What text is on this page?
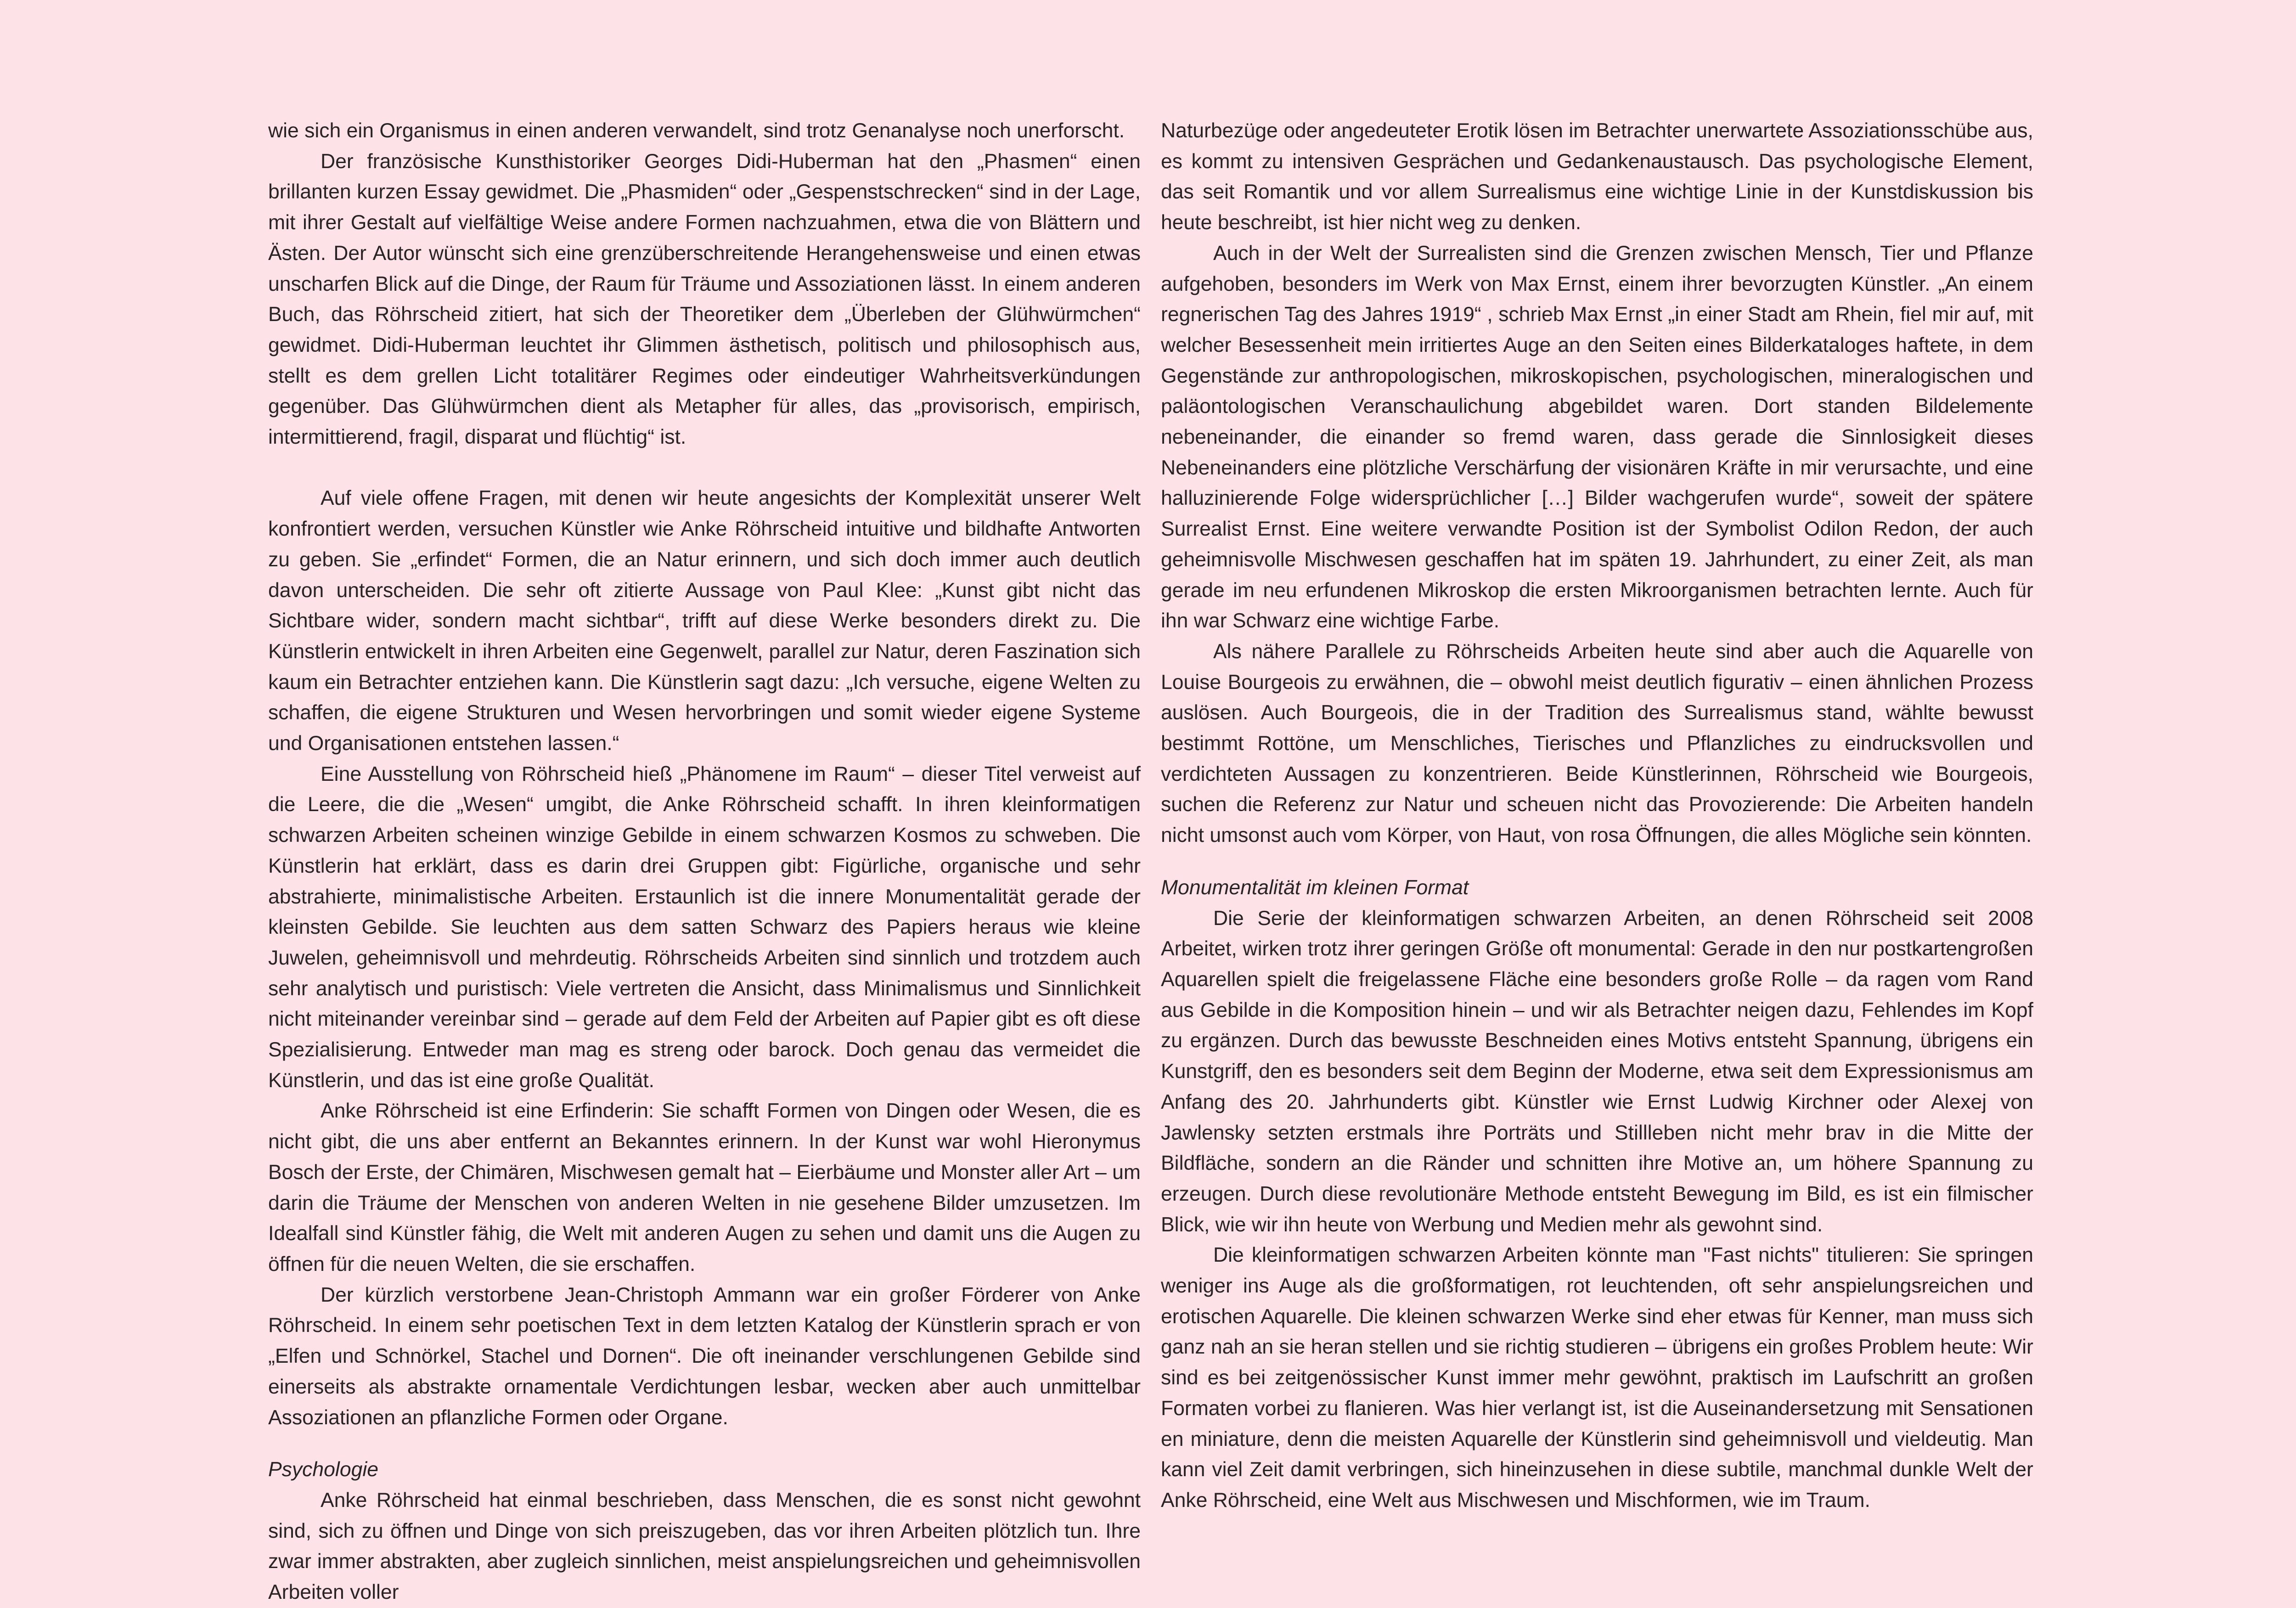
wie sich ein Organismus in einen anderen verwandelt, sind trotz Genanalyse noch unerforscht.

Der französische Kunsthistoriker Georges Didi-Huberman hat den „Phasmen“ einen brillanten kurzen Essay gewidmet. Die „Phasmiden“ oder „Gespenstschrecken“ sind in der Lage, mit ihrer Gestalt auf vielfältige Weise andere Formen nachzuahmen, etwa die von Blättern und Ästen. Der Autor wünscht sich eine grenzüberschreitende Herangehensweise und einen etwas unscharfen Blick auf die Dinge, der Raum für Träume und Assoziationen lässt. In einem anderen Buch, das Röhrscheid zitiert, hat sich der Theoretiker dem „Überleben der Glühwürmchen“ gewidmet. Didi-Huberman leuchtet ihr Glimmen ästhetisch, politisch und philosophisch aus, stellt es dem grellen Licht totalitärer Regimes oder eindeutiger Wahrheitsverkündungen gegenüber. Das Glühwürmchen dient als Metapher für alles, das „provisorisch, empirisch, intermittierend, fragil, disparat und flüchtig“ ist.

Auf viele offene Fragen, mit denen wir heute angesichts der Komplexität unserer Welt konfrontiert werden, versuchen Künstler wie Anke Röhrscheid intuitive und bildhafte Antworten zu geben. Sie „erfindet“ Formen, die an Natur erinnern, und sich doch immer auch deutlich davon unterscheiden. Die sehr oft zitierte Aussage von Paul Klee: „Kunst gibt nicht das Sichtbare wider, sondern macht sichtbar“, trifft auf diese Werke besonders direkt zu. Die Künstlerin entwickelt in ihren Arbeiten eine Gegenwelt, parallel zur Natur, deren Faszination sich kaum ein Betrachter entziehen kann. Die Künstlerin sagt dazu: „Ich versuche, eigene Welten zu schaffen, die eigene Strukturen und Wesen hervorbringen und somit wieder eigene Systeme und Organisationen entstehen lassen.“

Eine Ausstellung von Röhrscheid hieß „Phänomene im Raum“ – dieser Titel verweist auf die Leere, die die „Wesen“ umgibt, die Anke Röhrscheid schafft. In ihren kleinformatigen schwarzen Arbeiten scheinen winzige Gebilde in einem schwarzen Kosmos zu schweben. Die Künstlerin hat erklärt, dass es darin drei Gruppen gibt: Figürliche, organische und sehr abstrahierte, minimalistische Arbeiten. Erstaunlich ist die innere Monumentalität gerade der kleinsten Gebilde. Sie leuchten aus dem satten Schwarz des Papiers heraus wie kleine Juwelen, geheimnisvoll und mehrdeutig. Röhrscheids Arbeiten sind sinnlich und trotzdem auch sehr analytisch und puristisch: Viele vertreten die Ansicht, dass Minimalismus und Sinnlichkeit nicht miteinander vereinbar sind – gerade auf dem Feld der Arbeiten auf Papier gibt es oft diese Spezialisierung. Entweder man mag es streng oder barock. Doch genau das vermeidet die Künstlerin, und das ist eine große Qualität.

Anke Röhrscheid ist eine Erfinderin: Sie schafft Formen von Dingen oder Wesen, die es nicht gibt, die uns aber entfernt an Bekanntes erinnern. In der Kunst war wohl Hieronymus Bosch der Erste, der Chimären, Mischwesen gemalt hat – Eierbäume und Monster aller Art – um darin die Träume der Menschen von anderen Welten in nie gesehene Bilder umzusetzen. Im Idealfall sind Künstler fähig, die Welt mit anderen Augen zu sehen und damit uns die Augen zu öffnen für die neuen Welten, die sie erschaffen.

Der kürzlich verstorbene Jean-Christoph Ammann war ein großer Förderer von Anke Röhrscheid. In einem sehr poetischen Text in dem letzten Katalog der Künstlerin sprach er von „Elfen und Schnörkel, Stachel und Dornen“. Die oft ineinander verschlungenen Gebilde sind einerseits als abstrakte ornamentale Verdichtungen lesbar, wecken aber auch unmittelbar Assoziationen an pflanzliche Formen oder Organe.

Psychologie

Anke Röhrscheid hat einmal beschrieben, dass Menschen, die es sonst nicht gewohnt sind, sich zu öffnen und Dinge von sich preiszugeben, das vor ihren Arbeiten plötzlich tun. Ihre zwar immer abstrakten, aber zugleich sinnlichen, meist anspielungsreichen und geheimnisvollen Arbeiten voller

Naturbezüge oder angedeuteter Erotik lösen im Betrachter unerwartete Assoziationsschübe aus, es kommt zu intensiven Gesprächen und Gedankenaustausch. Das psychologische Element, das seit Romantik und vor allem Surrealismus eine wichtige Linie in der Kunstdiskussion bis heute beschreibt, ist hier nicht weg zu denken.

Auch in der Welt der Surrealisten sind die Grenzen zwischen Mensch, Tier und Pflanze aufgehoben, besonders im Werk von Max Ernst, einem ihrer bevorzugten Künstler. „An einem regnerischen Tag des Jahres 1919“ , schrieb Max Ernst „in einer Stadt am Rhein, fiel mir auf, mit welcher Besessenheit mein irritiertes Auge an den Seiten eines Bilderkataloges haftete, in dem Gegenstände zur anthropologischen, mikroskopischen, psychologischen, mineralogischen und paläontologischen Veranschaulichung abgebildet waren. Dort standen Bildelemente nebeneinander, die einander so fremd waren, dass gerade die Sinnlosigkeit dieses Nebeneinanders eine plötzliche Verschärfung der visionären Kräfte in mir verursachte, und eine halluzinierende Folge widersprüchlicher […] Bilder wachgerufen wurde“, soweit der spätere Surrealist Ernst. Eine weitere verwandte Position ist der Symbolist Odilon Redon, der auch geheimnisvolle Mischwesen geschaffen hat im späten 19. Jahrhundert, zu einer Zeit, als man gerade im neu erfundenen Mikroskop die ersten Mikroorganismen betrachten lernte. Auch für ihn war Schwarz eine wichtige Farbe.

Als nähere Parallele zu Röhrscheids Arbeiten heute sind aber auch die Aquarelle von Louise Bourgeois zu erwähnen, die – obwohl meist deutlich figurativ – einen ähnlichen Prozess auslösen. Auch Bourgeois, die in der Tradition des Surrealismus stand, wählte bewusst bestimmt Rottöne, um Menschliches, Tierisches und Pflanzliches zu eindrucksvollen und verdichteten Aussagen zu konzentrieren. Beide Künstlerinnen, Röhrscheid wie Bourgeois, suchen die Referenz zur Natur und scheuen nicht das Provozierende: Die Arbeiten handeln nicht umsonst auch vom Körper, von Haut, von rosa Öffnungen, die alles Mögliche sein könnten.

Monumentalität im kleinen Format

Die Serie der kleinformatigen schwarzen Arbeiten, an denen Röhrscheid seit 2008 Arbeitet, wirken trotz ihrer geringen Größe oft monumental: Gerade in den nur postkartengroßen Aquarellen spielt die freigelassene Fläche eine besonders große Rolle – da ragen vom Rand aus Gebilde in die Komposition hinein – und wir als Betrachter neigen dazu, Fehlendes im Kopf zu ergänzen. Durch das bewusste Beschneiden eines Motivs entsteht Spannung, übrigens ein Kunstgriff, den es besonders seit dem Beginn der Moderne, etwa seit dem Expressionismus am Anfang des 20. Jahrhunderts gibt. Künstler wie Ernst Ludwig Kirchner oder Alexej von Jawlensky setzten erstmals ihre Porträts und Stillleben nicht mehr brav in die Mitte der Bildfläche, sondern an die Ränder und schnitten ihre Motive an, um höhere Spannung zu erzeugen. Durch diese revolutionäre Methode entsteht Bewegung im Bild, es ist ein filmischer Blick, wie wir ihn heute von Werbung und Medien mehr als gewohnt sind.

Die kleinformatigen schwarzen Arbeiten könnte man "Fast nichts" titulieren: Sie springen weniger ins Auge als die großformatigen, rot leuchtenden, oft sehr anspielungsreichen und erotischen Aquarelle. Die kleinen schwarzen Werke sind eher etwas für Kenner, man muss sich ganz nah an sie heran stellen und sie richtig studieren – übrigens ein großes Problem heute: Wir sind es bei zeitgenössischer Kunst immer mehr gewöhnt, praktisch im Laufschritt an großen Formaten vorbei zu flanieren. Was hier verlangt ist, ist die Auseinandersetzung mit Sensationen en miniature, denn die meisten Aquarelle der Künstlerin sind geheimnisvoll und vieldeutig. Man kann viel Zeit damit verbringen, sich hineinzusehen in diese subtile, manchmal dunkle Welt der Anke Röhrscheid, eine Welt aus Mischwesen und Mischformen, wie im Traum.
